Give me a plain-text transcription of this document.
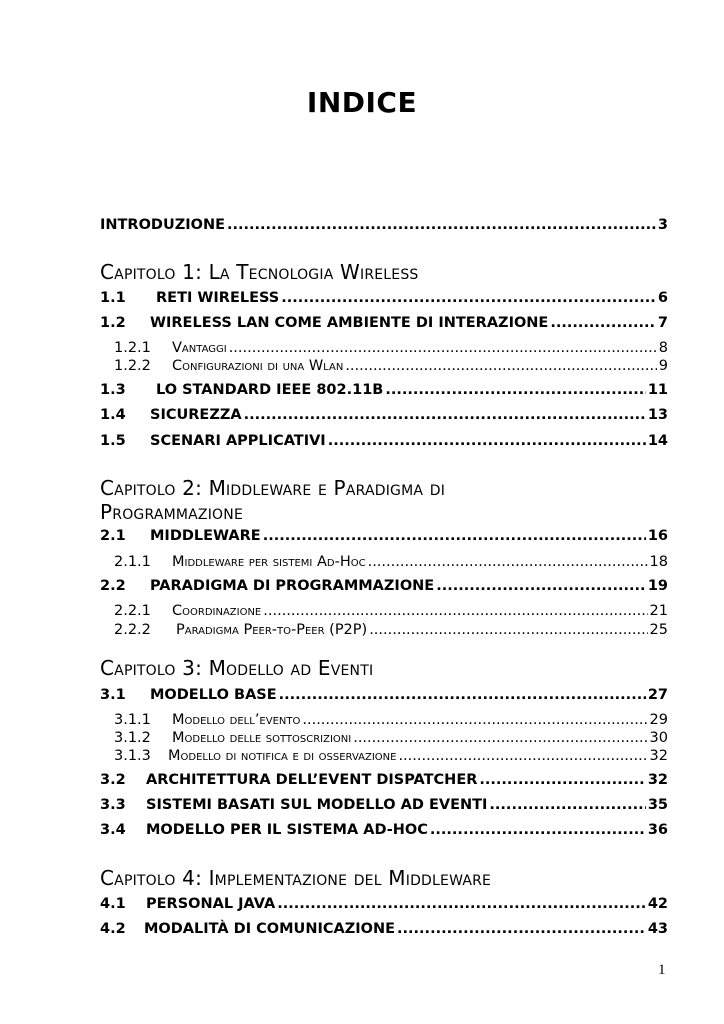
INDICE
INTRODUZIONE .....	3
Capitolo 1: La Tecnologia Wireless
1.1	RETI WIRELESS .....	6
1.2	WIRELESS LAN COME AMBIENTE DI INTERAZIONE .....	7
1.2.1	Vantaggi .....	8
1.2.2	Configurazioni di una Wlan .....	9
1.3	LO STANDARD IEEE 802.11B .....	11
1.4	SICUREZZA .....	13
1.5	SCENARI APPLICATIVI .....	14
Capitolo 2: Middleware e Paradigma di Programmazione
2.1	MIDDLEWARE .....	16
2.1.1	Middleware per sistemi Ad-Hoc .....	18
2.2	PARADIGMA DI PROGRAMMAZIONE .....	19
2.2.1	Coordinazione .....	21
2.2.2	Paradigma Peer-to-Peer (P2P) .....	25
Capitolo 3: Modello ad Eventi
3.1	MODELLO BASE .....	27
3.1.1	Modello dell’evento .....	29
3.1.2	Modello delle sottoscrizioni .....	30
3.1.3	Modello di notifica e di osservazione .....	32
3.2	ARCHITETTURA DELL’EVENT DISPATCHER .....	32
3.3	SISTEMI BASATI SUL MODELLO AD EVENTI .....	35
3.4	MODELLO PER IL SISTEMA AD-HOC .....	36
Capitolo 4: Implementazione del Middleware
4.1	PERSONAL JAVA .....	42
4.2	MODALITÀ DI COMUNICAZIONE .....	43
1
